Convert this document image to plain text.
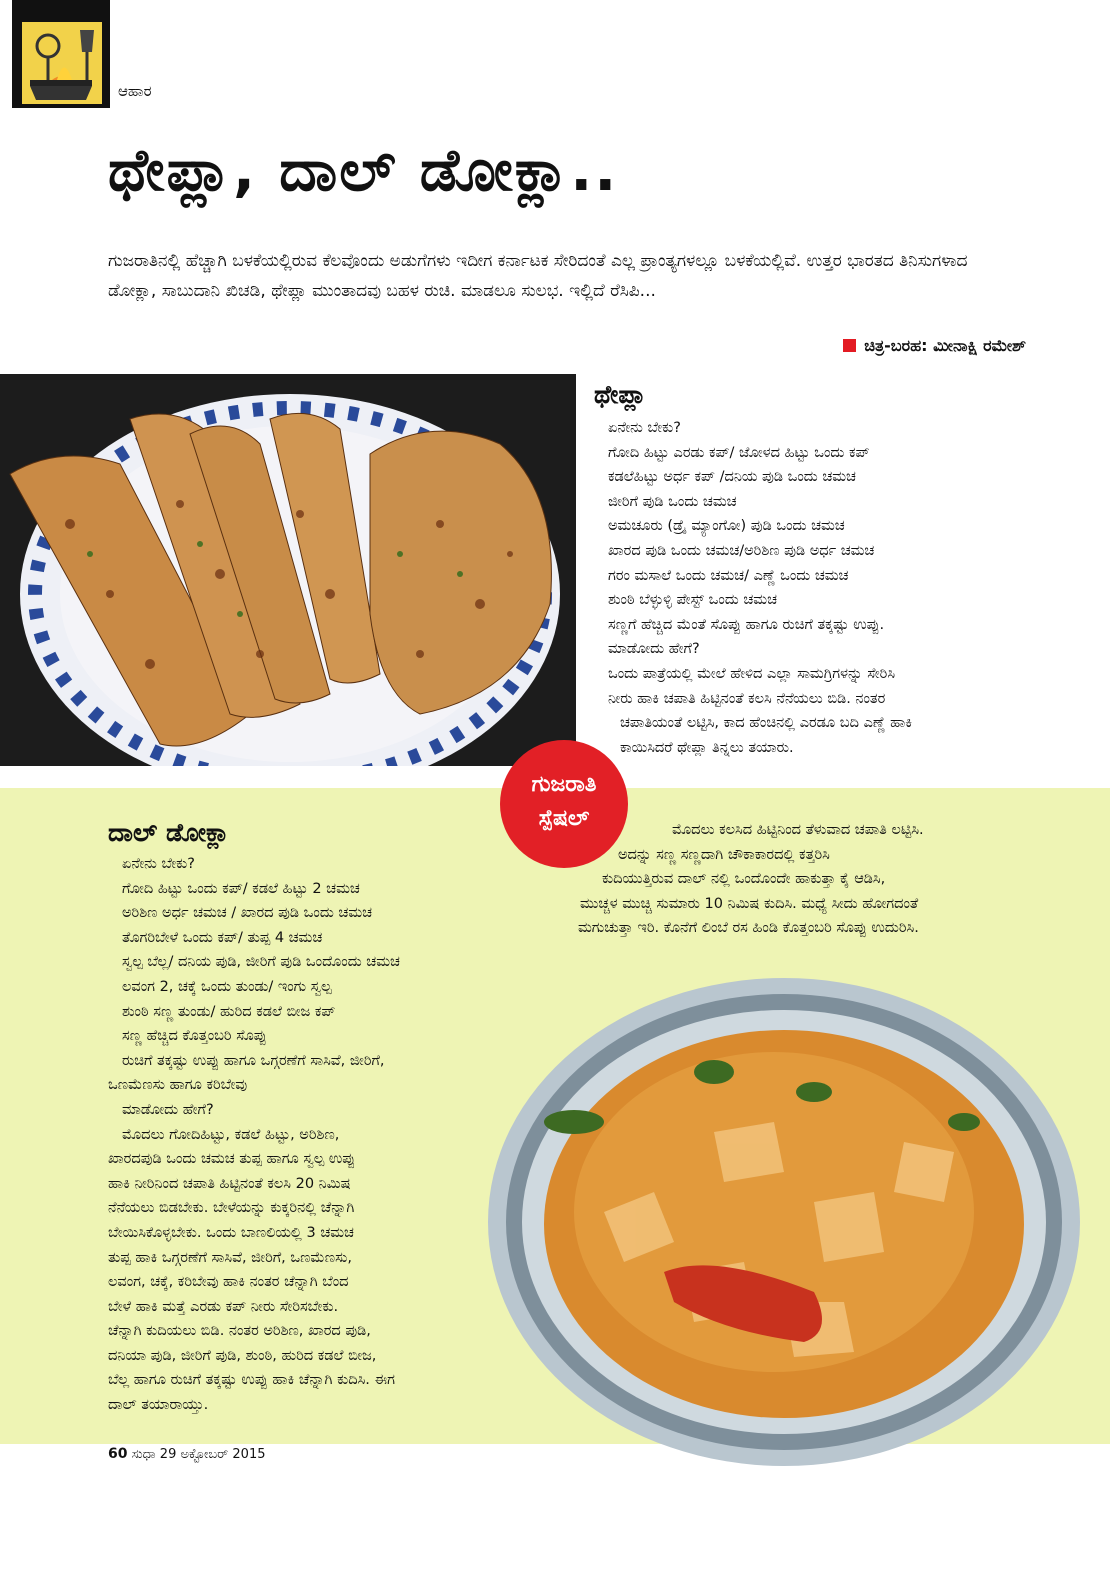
ಆಹಾರ
ಥೇಪ್ಲಾ, ದಾಲ್ ಡೋಕ್ಲಾ..
ಗುಜರಾತಿನಲ್ಲಿ ಹೆಚ್ಚಾಗಿ ಬಳಕೆಯಲ್ಲಿರುವ ಕೆಲವೊಂದು ಅಡುಗೆಗಳು ಇದೀಗ ಕರ್ನಾಟಕ ಸೇರಿದಂತೆ ಎಲ್ಲ ಪ್ರಾಂತ್ಯಗಳಲ್ಲೂ ಬಳಕೆಯಲ್ಲಿವೆ. ಉತ್ತರ ಭಾರತದ ತಿನಿಸುಗಳಾದ ಡೋಕ್ಲಾ, ಸಾಬುದಾನಿ ಖಿಚಡಿ, ಥೇಪ್ಲಾ ಮುಂತಾದವು ಬಹಳ ರುಚಿ. ಮಾಡಲೂ ಸುಲಭ. ಇಲ್ಲಿದೆ ರೆಸಿಪಿ...
ಚಿತ್ರ-ಬರಹ: ಮೀನಾಕ್ಷಿ ರಮೇಶ್
ಥೇಪ್ಲಾ
ಏನೇನು ಬೇಕು?
ಗೋದಿ ಹಿಟ್ಟು ಎರಡು ಕಪ್/ ಜೋಳದ ಹಿಟ್ಟು ಒಂದು ಕಪ್
ಕಡಲೆಹಿಟ್ಟು ಅರ್ಧ ಕಪ್ /ದನಿಯ ಪುಡಿ ಒಂದು ಚಮಚ
ಜೀರಿಗೆ ಪುಡಿ ಒಂದು ಚಮಚ
ಅಮಚೂರು (ಡ್ರೈ ಮ್ಯಾಂಗೋ) ಪುಡಿ ಒಂದು ಚಮಚ
ಖಾರದ ಪುಡಿ ಒಂದು ಚಮಚ/ಅರಿಶಿಣ ಪುಡಿ ಅರ್ಧ ಚಮಚ
ಗರಂ ಮಸಾಲೆ ಒಂದು ಚಮಚ/ ಎಣ್ಣೆ ಒಂದು ಚಮಚ
ಶುಂಠಿ ಬೆಳ್ಳುಳ್ಳಿ ಪೇಸ್ಟ್ ಒಂದು ಚಮಚ
ಸಣ್ಣಗೆ ಹೆಚ್ಚಿದ ಮೆಂತೆ ಸೊಪ್ಪು ಹಾಗೂ ರುಚಿಗೆ ತಕ್ಕಷ್ಟು ಉಪ್ಪು.
ಮಾಡೋದು ಹೇಗೆ?
ಒಂದು ಪಾತ್ರೆಯಲ್ಲಿ ಮೇಲೆ ಹೇಳಿದ ಎಲ್ಲಾ ಸಾಮಗ್ರಿಗಳನ್ನು ಸೇರಿಸಿ
ನೀರು ಹಾಕಿ ಚಪಾತಿ ಹಿಟ್ಟಿನಂತೆ ಕಲಸಿ ನೆನೆಯಲು ಬಿಡಿ. ನಂತರ
ಚಪಾತಿಯಂತೆ ಲಟ್ಟಿಸಿ, ಕಾದ ಹೆಂಚಿನಲ್ಲಿ ಎರಡೂ ಬದಿ ಎಣ್ಣೆ ಹಾಕಿ
ಕಾಯಿಸಿದರೆ ಥೇಪ್ಲಾ ತಿನ್ನಲು ತಯಾರು.
ಗುಜರಾತಿ
ಸ್ಪೆಷಲ್
ದಾಲ್ ಡೋಕ್ಲಾ
ಏನೇನು ಬೇಕು?
ಗೋದಿ ಹಿಟ್ಟು ಒಂದು ಕಪ್/ ಕಡಲೆ ಹಿಟ್ಟು 2 ಚಮಚ
ಅರಿಶಿಣ ಅರ್ಧ ಚಮಚ / ಖಾರದ ಪುಡಿ ಒಂದು ಚಮಚ
ತೊಗರಿಬೇಳೆ ಒಂದು ಕಪ್/ ತುಪ್ಪ 4 ಚಮಚ
ಸ್ವಲ್ಪ ಬೆಲ್ಲ/ ದನಿಯ ಪುಡಿ, ಜೀರಿಗೆ ಪುಡಿ ಒಂದೊಂದು ಚಮಚ
ಲವಂಗ 2, ಚಕ್ಕೆ ಒಂದು ತುಂಡು/ ಇಂಗು ಸ್ವಲ್ಪ
ಶುಂಠಿ ಸಣ್ಣ ತುಂಡು/ ಹುರಿದ ಕಡಲೆ ಬೀಜ ಕಪ್
ಸಣ್ಣ ಹೆಚ್ಚಿದ ಕೊತ್ತಂಬರಿ ಸೊಪ್ಪು
ರುಚಿಗೆ ತಕ್ಕಷ್ಟು ಉಪ್ಪು ಹಾಗೂ ಒಗ್ಗರಣೆಗೆ ಸಾಸಿವೆ, ಜೀರಿಗೆ,
ಒಣಮೆಣಸು ಹಾಗೂ ಕರಿಬೇವು
ಮಾಡೋದು ಹೇಗೆ?
ಮೊದಲು ಗೋದಿಹಿಟ್ಟು, ಕಡಲೆ ಹಿಟ್ಟು, ಅರಿಶಿಣ,
ಖಾರದಪುಡಿ ಒಂದು ಚಮಚ ತುಪ್ಪ ಹಾಗೂ ಸ್ವಲ್ಪ ಉಪ್ಪು
ಹಾಕಿ ನೀರಿನಿಂದ ಚಪಾತಿ ಹಿಟ್ಟಿನಂತೆ ಕಲಸಿ 20 ನಿಮಿಷ
ನೆನೆಯಲು ಬಿಡಬೇಕು. ಬೇಳೆಯನ್ನು ಕುಕ್ಕರಿನಲ್ಲಿ ಚೆನ್ನಾಗಿ
ಬೇಯಿಸಿಕೊಳ್ಳಬೇಕು. ಒಂದು ಬಾಣಲಿಯಲ್ಲಿ 3 ಚಮಚ
ತುಪ್ಪ ಹಾಕಿ ಒಗ್ಗರಣೆಗೆ ಸಾಸಿವೆ, ಜೀರಿಗೆ, ಒಣಮೆಣಸು,
ಲವಂಗ, ಚಕ್ಕೆ, ಕರಿಬೇವು ಹಾಕಿ ನಂತರ ಚೆನ್ನಾಗಿ ಬೆಂದ
ಬೇಳೆ ಹಾಕಿ ಮತ್ತೆ ಎರಡು ಕಪ್ ನೀರು ಸೇರಿಸಬೇಕು.
ಚೆನ್ನಾಗಿ ಕುದಿಯಲು ಬಿಡಿ. ನಂತರ ಅರಿಶಿಣ, ಖಾರದ ಪುಡಿ,
ದನಿಯಾ ಪುಡಿ, ಜೀರಿಗೆ ಪುಡಿ, ಶುಂಠಿ, ಹುರಿದ ಕಡಲೆ ಬೀಜ,
ಬೆಲ್ಲ ಹಾಗೂ ರುಚಿಗೆ ತಕ್ಕಷ್ಟು ಉಪ್ಪು ಹಾಕಿ ಚೆನ್ನಾಗಿ ಕುದಿಸಿ. ಈಗ
ದಾಲ್ ತಯಾರಾಯ್ತು.
ಮೊದಲು ಕಲಸಿದ ಹಿಟ್ಟಿನಿಂದ ತೆಳುವಾದ ಚಪಾತಿ ಲಟ್ಟಿಸಿ.
ಅದನ್ನು ಸಣ್ಣ ಸಣ್ಣದಾಗಿ ಚೌಕಾಕಾರದಲ್ಲಿ ಕತ್ತರಿಸಿ
ಕುದಿಯುತ್ತಿರುವ ದಾಲ್ ನಲ್ಲಿ ಒಂದೊಂದೇ ಹಾಕುತ್ತಾ ಕೈ ಆಡಿಸಿ,
ಮುಚ್ಚಳ ಮುಚ್ಚಿ ಸುಮಾರು 10 ನಿಮಿಷ ಕುದಿಸಿ. ಮಧ್ಯೆ ಸೀದು ಹೋಗದಂತೆ
ಮಗುಚುತ್ತಾ ಇರಿ. ಕೊನೆಗೆ ಲಿಂಬೆ ರಸ ಹಿಂಡಿ ಕೊತ್ತಂಬರಿ ಸೊಪ್ಪು ಉದುರಿಸಿ.
60 ಸುಧಾ 29 ಅಕ್ಟೋಬರ್ 2015
